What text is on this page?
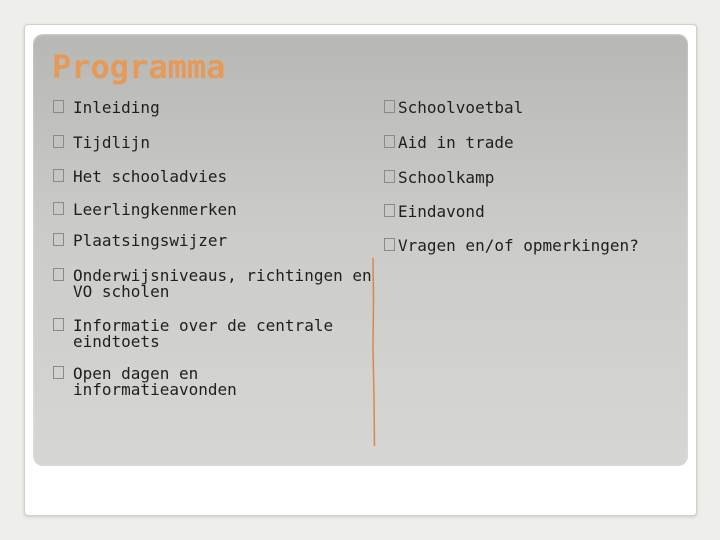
Programma
Inleiding
Tijdlijn
Het schooladvies
Leerlingkenmerken
Plaatsingswijzer
Onderwijsniveaus, richtingen en
VO scholen
Informatie over de centrale
eindtoets
Open dagen en
informatieavonden
Schoolvoetbal
Aid in trade
Schoolkamp
Eindavond
Vragen en/of opmerkingen?
